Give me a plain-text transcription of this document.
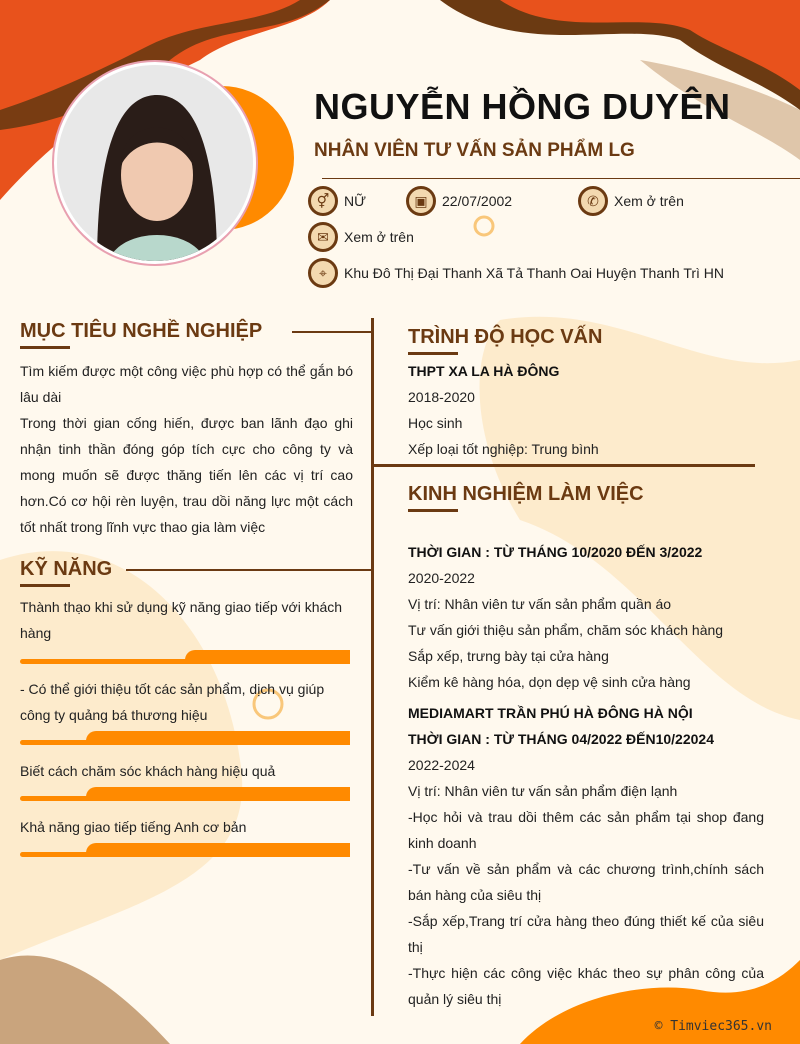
NGUYỄN HỒNG DUYÊN
NHÂN VIÊN TƯ VẤN SẢN PHẨM LG
⚥	NỮ	▣	22/07/2002	✆	Xem ở trên
✉	Xem ở trên
⌖	Khu Đô Thị Đại Thanh Xã Tả Thanh Oai Huyện Thanh Trì HN
MỤC TIÊU NGHỀ NGHIỆP
Tìm kiếm được một công việc phù hợp có thể gắn bó lâu dài
Trong thời gian cống hiến, được ban lãnh đạo ghi nhận tinh thần đóng góp tích cực cho công ty và mong muốn sẽ được thăng tiến lên các vị trí cao hơn.Có cơ hội rèn luyện, trau dồi năng lực một cách tốt nhất trong lĩnh vực thao gia làm việc
KỸ NĂNG
Thành thạo khi sử dụng kỹ năng giao tiếp với khách hàng
- Có thể giới thiệu tốt các sản phẩm, dịch vụ giúp công ty quảng bá thương hiệu
Biết cách chăm sóc khách hàng hiệu quả
Khả năng giao tiếp tiếng Anh cơ bản
TRÌNH ĐỘ HỌC VẤN
THPT XA LA HÀ ĐÔNG
2018-2020
Học sinh
Xếp loại tốt nghiệp: Trung bình
KINH NGHIỆM LÀM VIỆC
THỜI GIAN : TỪ THÁNG 10/2020 ĐẾN 3/2022
2020-2022
Vị trí: Nhân viên tư vấn sản phẩm quần áo
Tư vấn giới thiệu sản phẩm, chăm sóc khách hàng
Sắp xếp, trưng bày tại cửa hàng
Kiểm kê hàng hóa, dọn dẹp vệ sinh cửa hàng
MEDIAMART TRẦN PHÚ HÀ ĐÔNG HÀ NỘI
THỜI GIAN : TỪ THÁNG 04/2022 ĐẾN10/22024
2022-2024
Vị trí: Nhân viên tư vấn sản phẩm điện lạnh
-Học hỏi và trau dồi thêm các sản phẩm tại shop đang kinh doanh
-Tư vấn về sản phẩm và các chương trình,chính sách bán hàng của siêu thị
-Sắp xếp,Trang trí cửa hàng theo đúng thiết kế của siêu thị
-Thực hiện các công việc khác theo sự phân công của quản lý siêu thị
© Timviec365.vn
